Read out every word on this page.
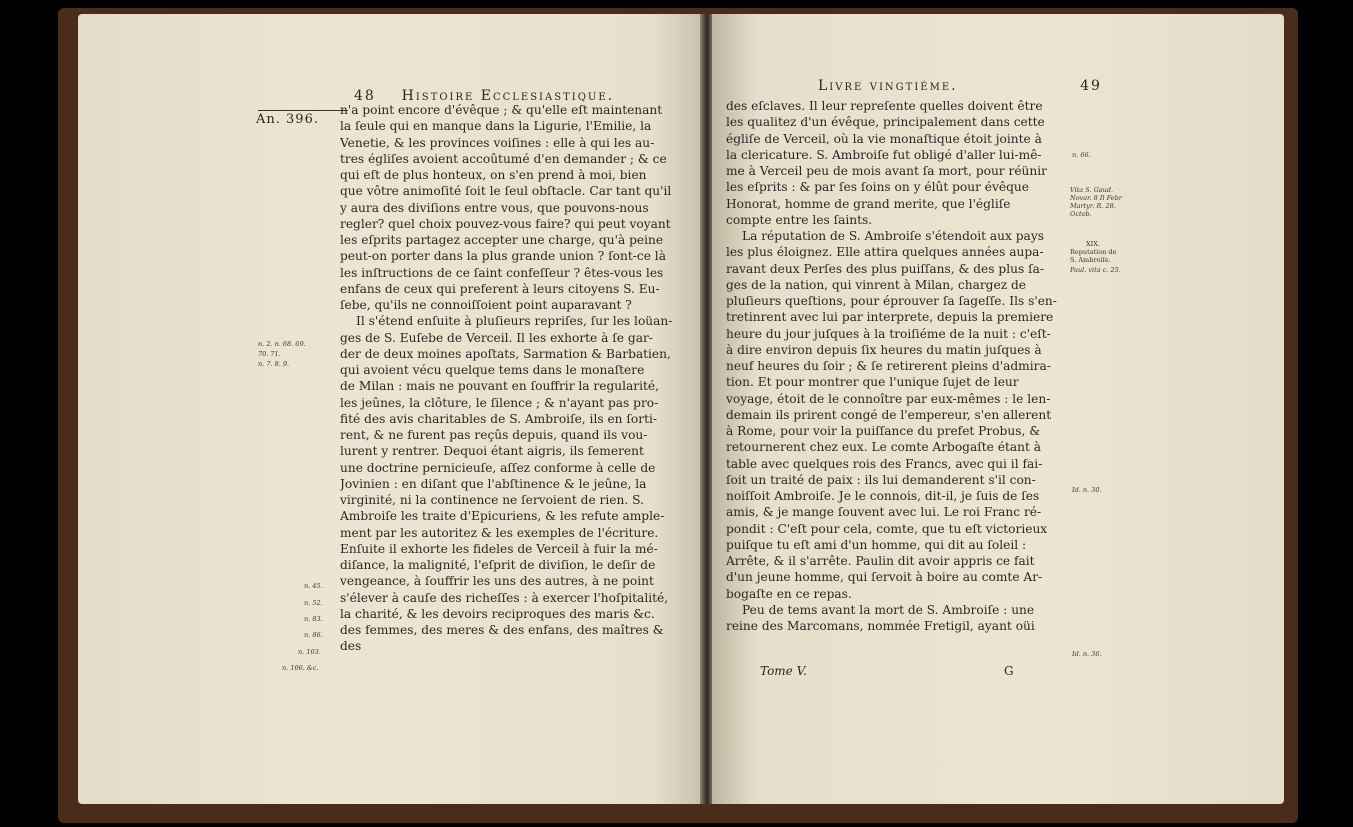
48 Histoire Ecclesiastique.
An. 396.
n'a point encore d'évêque ; & qu'elle eſt maintenant
la ſeule qui en manque dans la Ligurie, l'Emilie, la
Venetie, & les provinces voiſines : elle à qui les au-
tres égliſes avoient accoûtumé d'en demander ; & ce
qui eſt de plus honteux, on s'en prend à moi, bien
que vôtre animoſité ſoit le ſeul obſtacle. Car tant qu'il
y aura des diviſions entre vous, que pouvons-nous
regler? quel choix pouvez-vous faire? qui peut voyant
les eſprits partagez accepter une charge, qu'à peine
peut-on porter dans la plus grande union ? ſont-ce là
les inſtructions de ce ſaint confeſſeur ? êtes-vous les
enfans de ceux qui preferent à leurs citoyens S. Eu-
ſebe, qu'ils ne connoiſſoient point auparavant ?
Il s'étend enſuite à pluſieurs repriſes, ſur les loüan-
ges de S. Euſebe de Verceil. Il les exhorte à ſe gar-
der de deux moines apoſtats, Sarmation & Barbatien,
qui avoient vécu quelque tems dans le monaſtere
de Milan : mais ne pouvant en ſouffrir la regularité,
les jeûnes, la clôture, le ſilence ; & n'ayant pas pro-
fité des avis charitables de S. Ambroiſe, ils en ſorti-
rent, & ne furent pas reçûs depuis, quand ils vou-
lurent y rentrer. Dequoi étant aigris, ils ſemerent
une doctrine pernicieuſe, aſſez conforme à celle de
Jovinien : en diſant que l'abſtinence & le jeûne, la
virginité, ni la continence ne ſervoient de rien. S.
Ambroiſe les traite d'Epicuriens, & les refute ample-
ment par les autoritez & les exemples de l'écriture.
Enſuite il exhorte les fideles de Verceil à fuir la mé-
diſance, la malignité, l'eſprit de diviſion, le deſir de
vengeance, à ſouffrir les uns des autres, à ne point
s'élever à cauſe des richeſſes : à exercer l'hoſpitalité,
la charité, & les devoirs reciproques des maris &c.
des femmes, des meres & des enfans, des maîtres &
des
n. 2. n. 68. 69.
70. 71.
n. 7. 8. 9.
n. 45.
n. 52.
n. 83.
n. 86.
n. 103.
n. 106. &c.
Livre vingtiéme.	49
des eſclaves. Il leur repreſente quelles doivent être
les qualitez d'un évêque, principalement dans cette
égliſe de Verceil, où la vie monaſtique étoit jointe à
la clericature. S. Ambroiſe fut obligé d'aller lui-mê-
me à Verceil peu de mois avant ſa mort, pour réünir
les eſprits : & par ſes ſoins on y élût pour évêque
Honorat, homme de grand merite, que l'égliſe
compte entre les ſaints.
La réputation de S. Ambroiſe s'étendoit aux pays
les plus éloignez. Elle attira quelques années aupa-
ravant deux Perſes des plus puiſſans, & des plus ſa-
ges de la nation, qui vinrent à Milan, chargez de
pluſieurs queſtions, pour éprouver ſa ſageſſe. Ils s'en-
tretinrent avec lui par interprete, depuis la premiere
heure du jour juſques à la troiſiéme de la nuit : c'eſt-
à dire environ depuis ſix heures du matin juſques à
neuf heures du ſoir ; & ſe retirerent pleins d'admira-
tion. Et pour montrer que l'unique ſujet de leur
voyage, étoit de le connoître par eux-mêmes : le len-
demain ils prirent congé de l'empereur, s'en allerent
à Rome, pour voir la puiſſance du prefet Probus, &
retournerent chez eux. Le comte Arbogaſte étant à
table avec quelques rois des Francs, avec qui il fai-
ſoit un traité de paix : ils lui demanderent s'il con-
noiſſoit Ambroiſe. Je le connois, dit-il, je ſuis de ſes
amis, & je mange ſouvent avec lui. Le roi Franc ré-
pondit : C'eſt pour cela, comte, que tu eſt victorieux
puiſque tu eſt ami d'un homme, qui dit au ſoleil :
Arrête, & il s'arrête. Paulin dit avoir appris ce fait
d'un jeune homme, qui ſervoit à boire au comte Ar-
bogaſte en ce repas.
Peu de tems avant la mort de S. Ambroiſe : une
reine des Marcomans, nommée Fretigil, ayant oüi
n. 66.
Vita S. Gaud.
Novar. 8 Il Febr
Martyr. R. 28.
Octob.
XIX.
Reputation de
S. Ambroiſe.
Paul. vita c. 25.
Id. n. 30.
Id. n. 36.
Tome V.	G
